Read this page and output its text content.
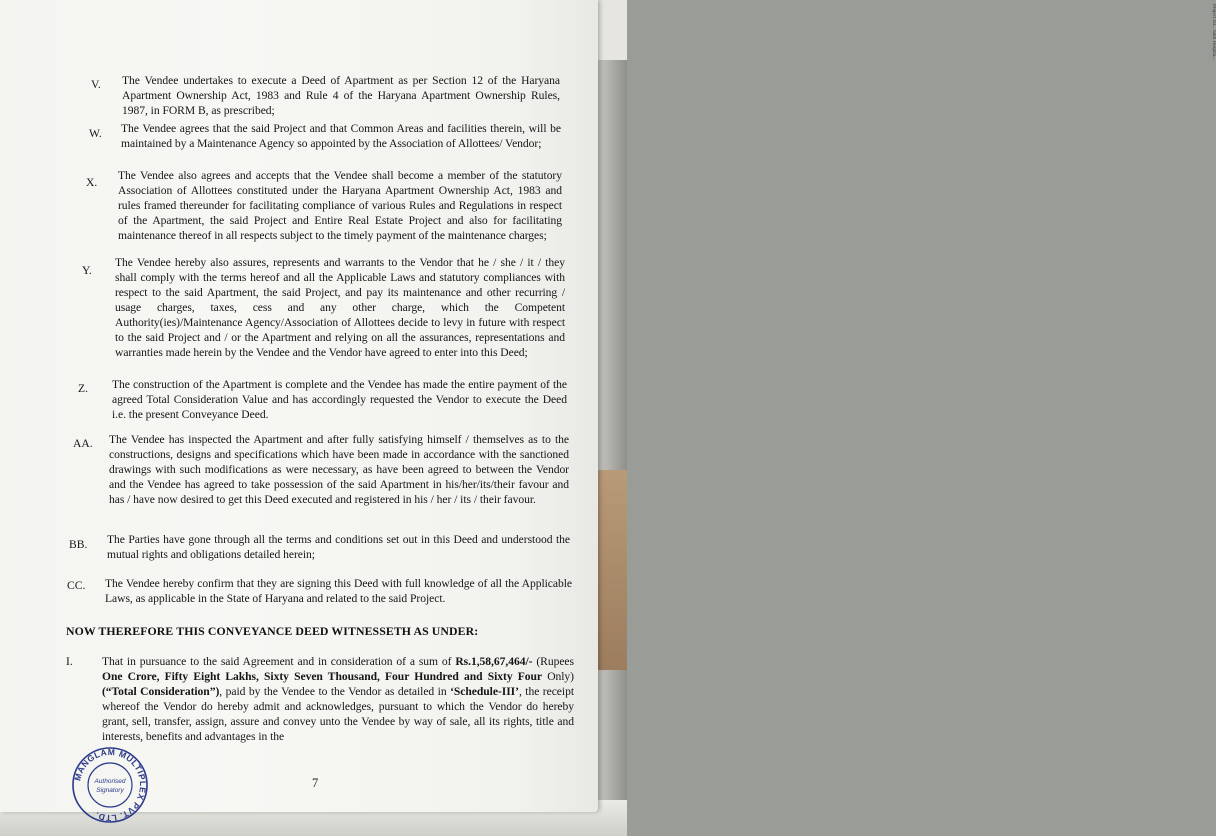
Project Sit... Sikh Hospita...
V. The Vendee undertakes to execute a Deed of Apartment as per Section 12 of the Haryana Apartment Ownership Act, 1983 and Rule 4 of the Haryana Apartment Ownership Rules, 1987, in FORM B, as prescribed;
W. The Vendee agrees that the said Project and that Common Areas and facilities therein, will be maintained by a Maintenance Agency so appointed by the Association of Allottees/ Vendor;
X.
The Vendee also agrees and accepts that the Vendee shall become a member of the statutory Association of Allottees constituted under the Haryana Apartment Ownership Act, 1983 and rules framed thereunder for facilitating compliance of various Rules and Regulations in respect of the Apartment, the said Project and Entire Real Estate Project and also for facilitating maintenance thereof in all respects subject to the timely payment of the maintenance charges;
Y.
The Vendee hereby also assures, represents and warrants to the Vendor that he / she / it / they shall comply with the terms hereof and all the Applicable Laws and statutory compliances with respect to the said Apartment, the said Project, and pay its maintenance and other recurring / usage charges, taxes, cess and any other charge, which the Competent Authority(ies)/Maintenance Agency/Association of Allottees decide to levy in future with respect to the said Project and / or the Apartment and relying on all the assurances, representations and warranties made herein by the Vendee and the Vendor have agreed to enter into this Deed;
Z. The construction of the Apartment is complete and the Vendee has made the entire payment of the agreed Total Consideration Value and has accordingly requested the Vendor to execute the Deed i.e. the present Conveyance Deed.
AA. The Vendee has inspected the Apartment and after fully satisfying himself / themselves as to the constructions, designs and specifications which have been made in accordance with the sanctioned drawings with such modifications as were necessary, as have been agreed to between the Vendor and the Vendee has agreed to take possession of the said Apartment in his/her/its/their favour and has / have now desired to get this Deed executed and registered in his / her / its / their favour.
BB. The Parties have gone through all the terms and conditions set out in this Deed and understood the mutual rights and obligations detailed herein;
CC. The Vendee hereby confirm that they are signing this Deed with full knowledge of all the Applicable Laws, as applicable in the State of Haryana and related to the said Project.
NOW THEREFORE THIS CONVEYANCE DEED WITNESSETH AS UNDER:
I.	That in pursuance to the said Agreement and in consideration of a sum of Rs.1,58,67,464/- (Rupees One Crore, Fifty Eight Lakhs, Sixty Seven Thousand, Four Hundred and Sixty Four Only) (“Total Consideration”), paid by the Vendee to the Vendor as detailed in ‘Schedule-III’, the receipt whereof the Vendor do hereby admit and acknowledges, pursuant to which the Vendor do hereby grant, sell, transfer, assign, assure and convey unto the Vendee by way of sale, all its rights, title and interests, benefits and advantages in the
7
MANGLAM MULTIPLEX PVT. LTD.
Authorised
Signatory
